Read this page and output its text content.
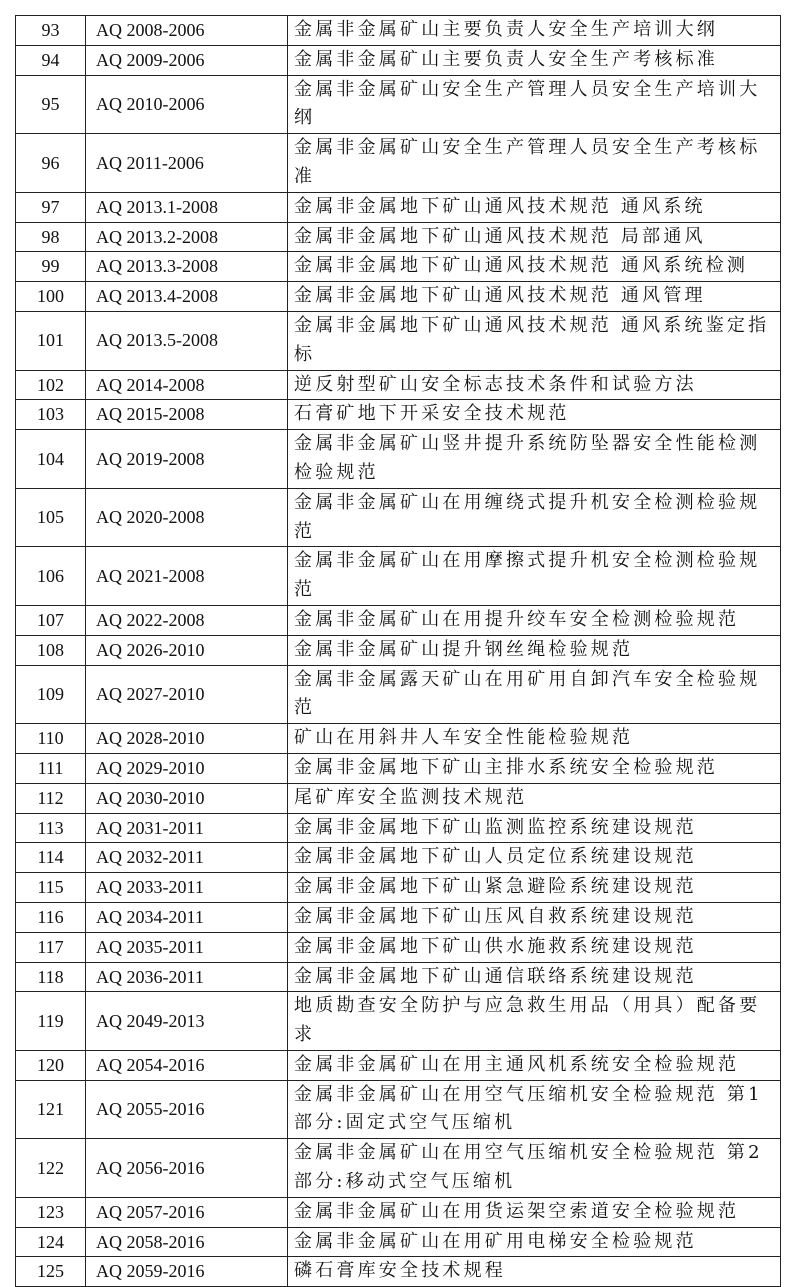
93	AQ 2008-2006	金属非金属矿山主要负责人安全生产培训大纲
94	AQ 2009-2006	金属非金属矿山主要负责人安全生产考核标准
95	AQ 2010-2006	金属非金属矿山安全生产管理人员安全生产培训大纲
96	AQ 2011-2006	金属非金属矿山安全生产管理人员安全生产考核标准
97	AQ 2013.1-2008	金属非金属地下矿山通风技术规范 通风系统
98	AQ 2013.2-2008	金属非金属地下矿山通风技术规范 局部通风
99	AQ 2013.3-2008	金属非金属地下矿山通风技术规范 通风系统检测
100	AQ 2013.4-2008	金属非金属地下矿山通风技术规范 通风管理
101	AQ 2013.5-2008	金属非金属地下矿山通风技术规范 通风系统鉴定指标
102	AQ 2014-2008	逆反射型矿山安全标志技术条件和试验方法
103	AQ 2015-2008	石膏矿地下开采安全技术规范
104	AQ 2019-2008	金属非金属矿山竖井提升系统防坠器安全性能检测检验规范
105	AQ 2020-2008	金属非金属矿山在用缠绕式提升机安全检测检验规范
106	AQ 2021-2008	金属非金属矿山在用摩擦式提升机安全检测检验规范
107	AQ 2022-2008	金属非金属矿山在用提升绞车安全检测检验规范
108	AQ 2026-2010	金属非金属矿山提升钢丝绳检验规范
109	AQ 2027-2010	金属非金属露天矿山在用矿用自卸汽车安全检验规范
110	AQ 2028-2010	矿山在用斜井人车安全性能检验规范
111	AQ 2029-2010	金属非金属地下矿山主排水系统安全检验规范
112	AQ 2030-2010	尾矿库安全监测技术规范
113	AQ 2031-2011	金属非金属地下矿山监测监控系统建设规范
114	AQ 2032-2011	金属非金属地下矿山人员定位系统建设规范
115	AQ 2033-2011	金属非金属地下矿山紧急避险系统建设规范
116	AQ 2034-2011	金属非金属地下矿山压风自救系统建设规范
117	AQ 2035-2011	金属非金属地下矿山供水施救系统建设规范
118	AQ 2036-2011	金属非金属地下矿山通信联络系统建设规范
119	AQ 2049-2013	地质勘查安全防护与应急救生用品（用具）配备要求
120	AQ 2054-2016	金属非金属矿山在用主通风机系统安全检验规范
121	AQ 2055-2016	金属非金属矿山在用空气压缩机安全检验规范 第1部分:固定式空气压缩机
122	AQ 2056-2016	金属非金属矿山在用空气压缩机安全检验规范 第2部分:移动式空气压缩机
123	AQ 2057-2016	金属非金属矿山在用货运架空索道安全检验规范
124	AQ 2058-2016	金属非金属矿山在用矿用电梯安全检验规范
125	AQ 2059-2016	磷石膏库安全技术规程
